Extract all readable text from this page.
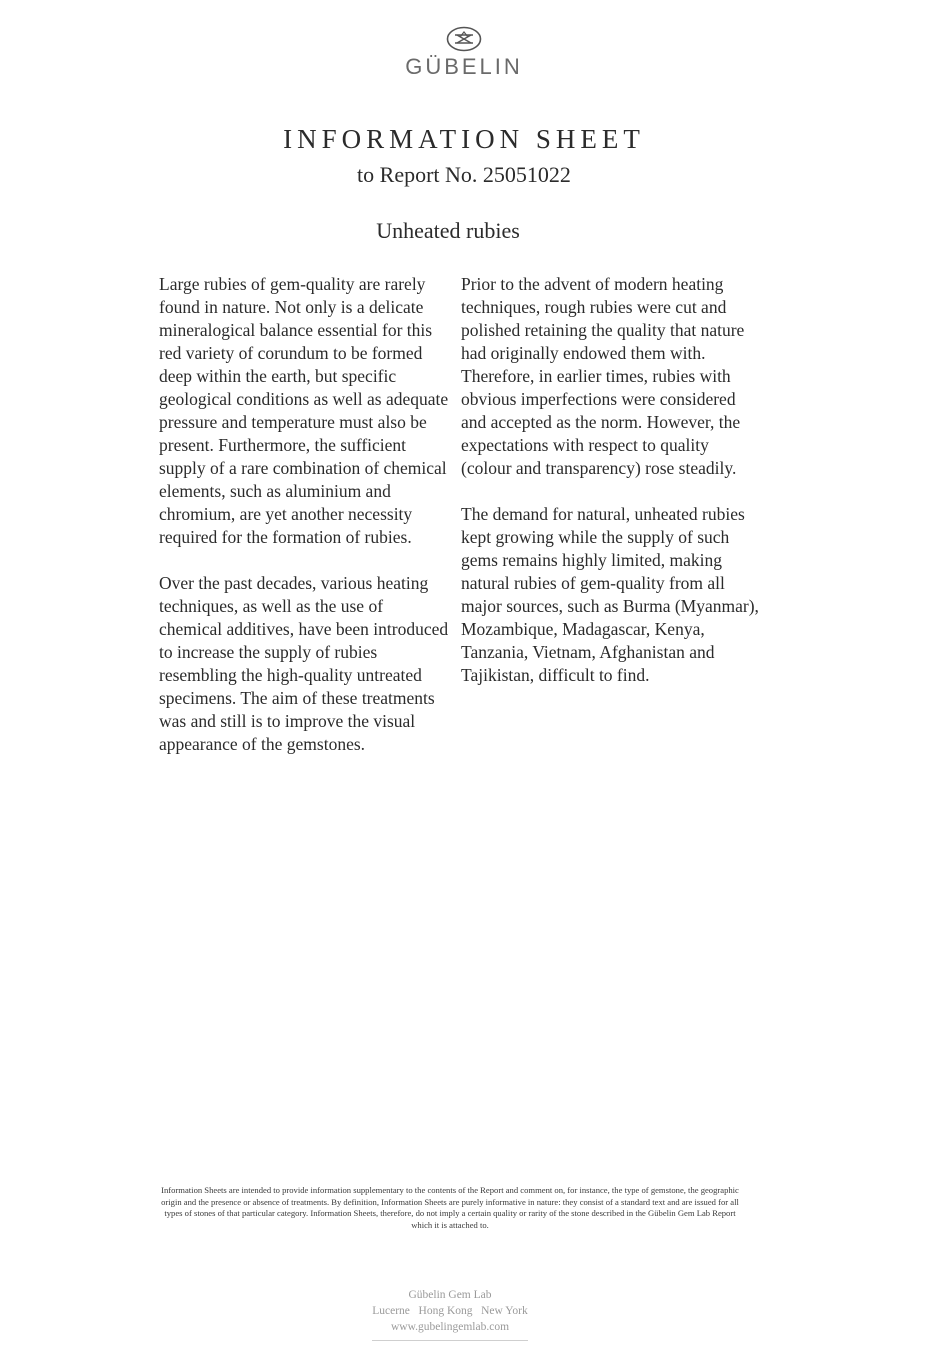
GÜBELIN
INFORMATION SHEET
to Report No. 25051022
Unheated rubies

Large rubies of gem-quality are rarely found in nature. Not only is a delicate mineralogical balance essential for this red variety of corundum to be formed deep within the earth, but specific geological conditions as well as adequate pressure and temperature must also be present. Furthermore, the sufficient supply of a rare combination of chemical elements, such as aluminium and chromium, are yet another necessity required for the formation of rubies.

Over the past decades, various heating techniques, as well as the use of chemical additives, have been introduced to increase the supply of rubies resembling the high-quality untreated specimens. The aim of these treatments was and still is to improve the visual appearance of the gemstones.

Prior to the advent of modern heating techniques, rough rubies were cut and polished retaining the quality that nature had originally endowed them with. Therefore, in earlier times, rubies with obvious imperfections were considered and accepted as the norm. However, the expectations with respect to quality (colour and transparency) rose steadily.

The demand for natural, unheated rubies kept growing while the supply of such gems remains highly limited, making natural rubies of gem-quality from all major sources, such as Burma (Myanmar), Mozambique, Madagascar, Kenya, Tanzania, Vietnam, Afghanistan and Tajikistan, difficult to find.

Information Sheets are intended to provide information supplementary to the contents of the Report and comment on, for instance, the type of gemstone, the geographic origin and the presence or absence of treatments. By definition, Information Sheets are purely informative in nature: they consist of a standard text and are issued for all types of stones of that particular category. Information Sheets, therefore, do not imply a certain quality or rarity of the stone described in the Gübelin Gem Lab Report which it is attached to.

Gübelin Gem Lab
Lucerne   Hong Kong   New York
www.gubelingemlab.com
